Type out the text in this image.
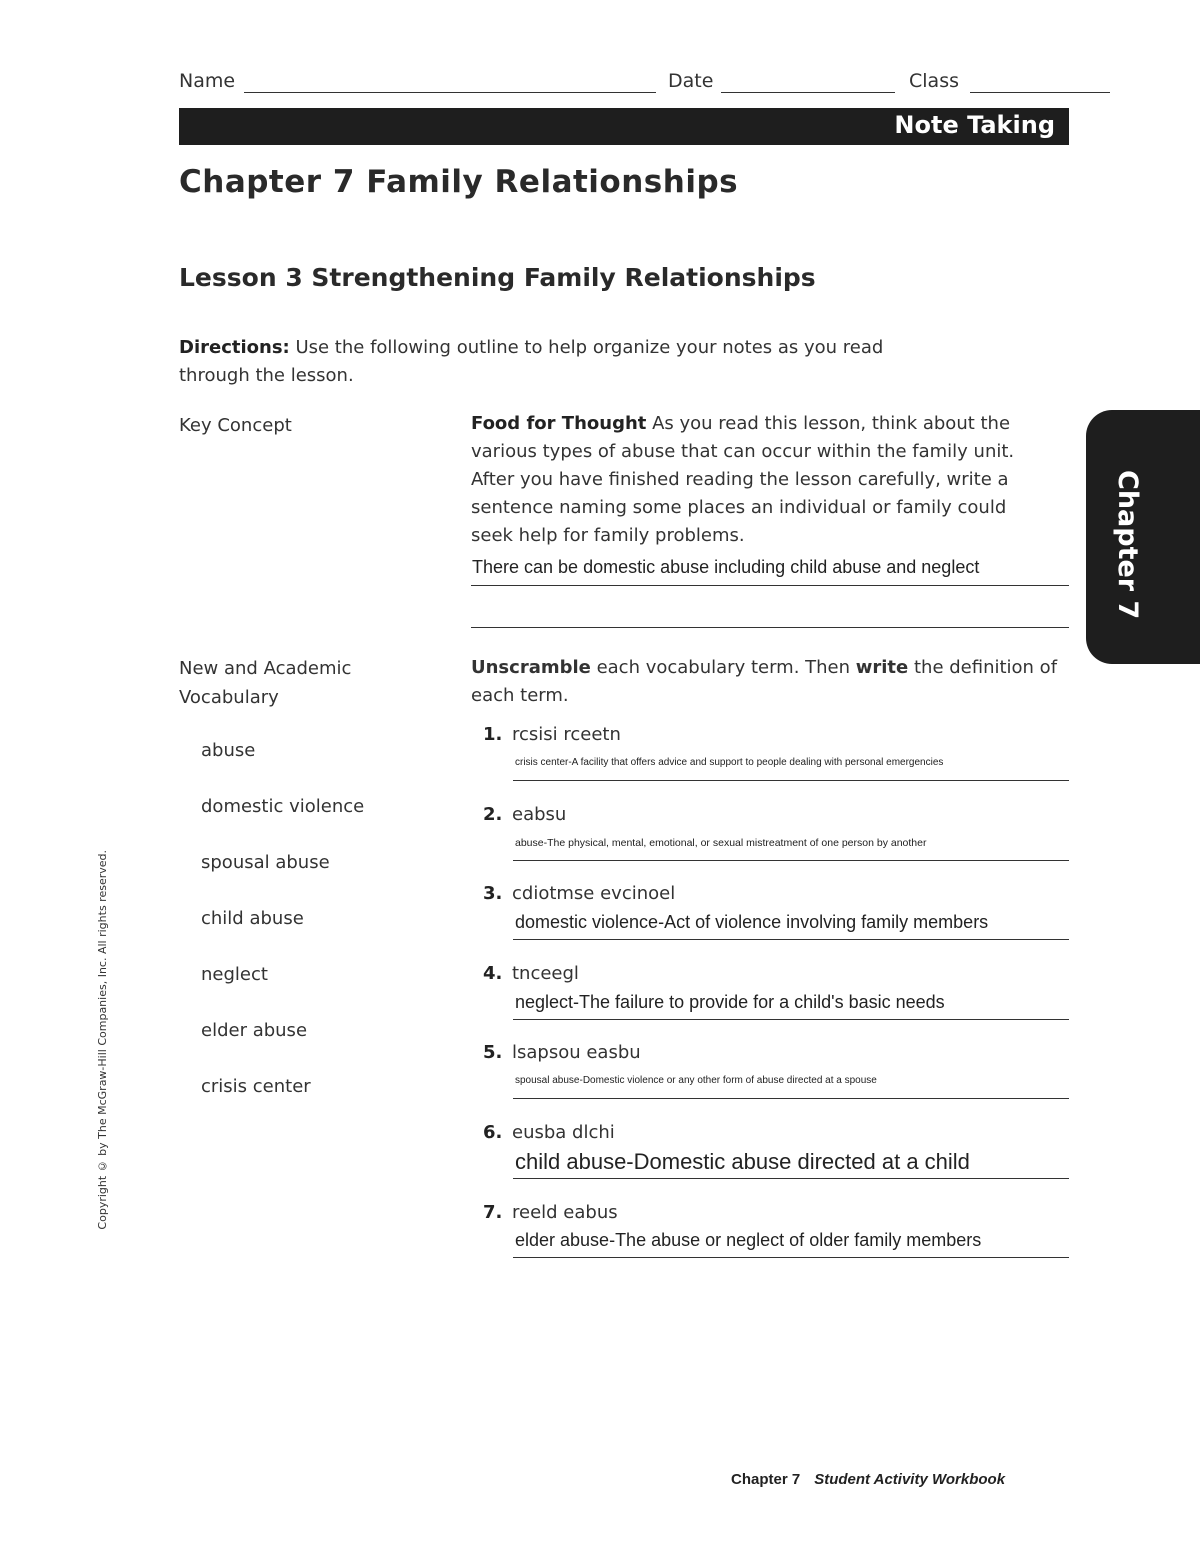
Name	Date	Class
Note Taking
Chapter 7 Family Relationships
Lesson 3 Strengthening Family Relationships
Directions: Use the following outline to help organize your notes as you read through the lesson.
Key Concept	Food for Thought As you read this lesson, think about the various types of abuse that can occur within the family unit. After you have finished reading the lesson carefully, write a sentence naming some places an individual or family could seek help for family problems.
There can be domestic abuse including child abuse and neglect
New and Academic Vocabulary
abuse
domestic violence
spousal abuse
child abuse
neglect
elder abuse
crisis center
Unscramble each vocabulary term. Then write the definition of each term.
1. rcsisi rceetn
crisis center-A facility that offers advice and support to people dealing with personal emergencies
2. eabsu
abuse-The physical, mental, emotional, or sexual mistreatment of one person by another
3. cdiotmse evcinoel
domestic violence-Act of violence involving family members
4. tnceegl
neglect-The failure to provide for a child's basic needs
5. lsapsou easbu
spousal abuse-Domestic violence or any other form of abuse directed at a spouse
6. eusba dlchi
child abuse-Domestic abuse directed at a child
7. reeld eabus
elder abuse-The abuse or neglect of older family members
Chapter 7
Copyright © by The McGraw-Hill Companies, Inc. All rights reserved.
Chapter 7 Student Activity Workbook
